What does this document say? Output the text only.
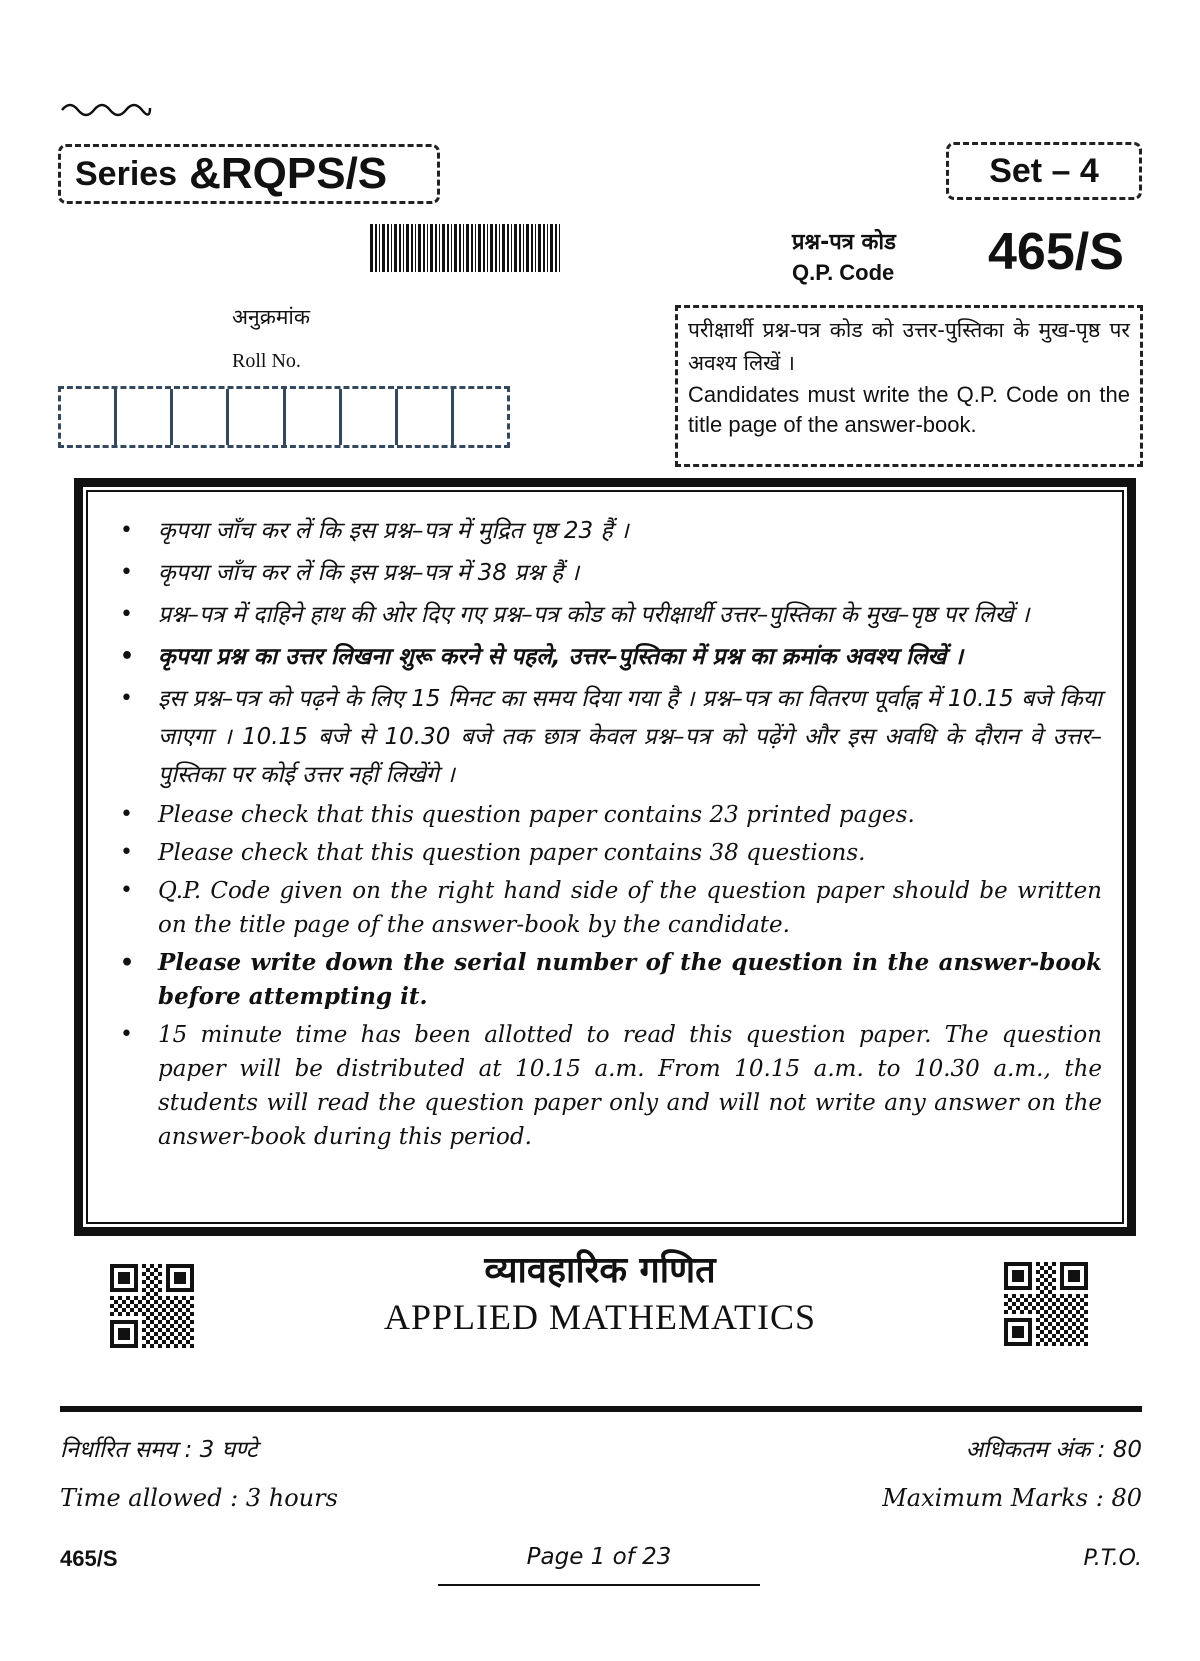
Series &RQPS/S	Set – 4
प्रश्न-पत्र कोड
Q.P. Code 465/S
अनुक्रमांक
Roll No.
परीक्षार्थी प्रश्न-पत्र कोड को उत्तर-पुस्तिका के मुख-पृष्ठ पर अवश्य लिखें ।
Candidates must write the Q.P. Code on the title page of the answer-book.
• कृपया जाँच कर लें कि इस प्रश्न–पत्र में मुद्रित पृष्ठ 23 हैं ।
• कृपया जाँच कर लें कि इस प्रश्न–पत्र में 38 प्रश्न हैं ।
• प्रश्न–पत्र में दाहिने हाथ की ओर दिए गए प्रश्न–पत्र कोड को परीक्षार्थी उत्तर–पुस्तिका के मुख–पृष्ठ पर लिखें ।
• कृपया प्रश्न का उत्तर लिखना शुरू करने से पहले, उत्तर–पुस्तिका में प्रश्न का क्रमांक अवश्य लिखें ।
• इस प्रश्न–पत्र को पढ़ने के लिए 15 मिनट का समय दिया गया है । प्रश्न–पत्र का वितरण पूर्वाह्न में 10.15 बजे किया जाएगा । 10.15 बजे से 10.30 बजे तक छात्र केवल प्रश्न–पत्र को पढ़ेंगे और इस अवधि के दौरान वे उत्तर–पुस्तिका पर कोई उत्तर नहीं लिखेंगे ।
• Please check that this question paper contains 23 printed pages.
• Please check that this question paper contains 38 questions.
• Q.P. Code given on the right hand side of the question paper should be written on the title page of the answer-book by the candidate.
• Please write down the serial number of the question in the answer-book before attempting it.
• 15 minute time has been allotted to read this question paper. The question paper will be distributed at 10.15 a.m. From 10.15 a.m. to 10.30 a.m., the students will read the question paper only and will not write any answer on the answer-book during this period.
व्यावहारिक गणित
APPLIED MATHEMATICS
निर्धारित समय : 3 घण्टे	अधिकतम अंक : 80
Time allowed : 3 hours	Maximum Marks : 80
465/S	Page 1 of 23	P.T.O.
